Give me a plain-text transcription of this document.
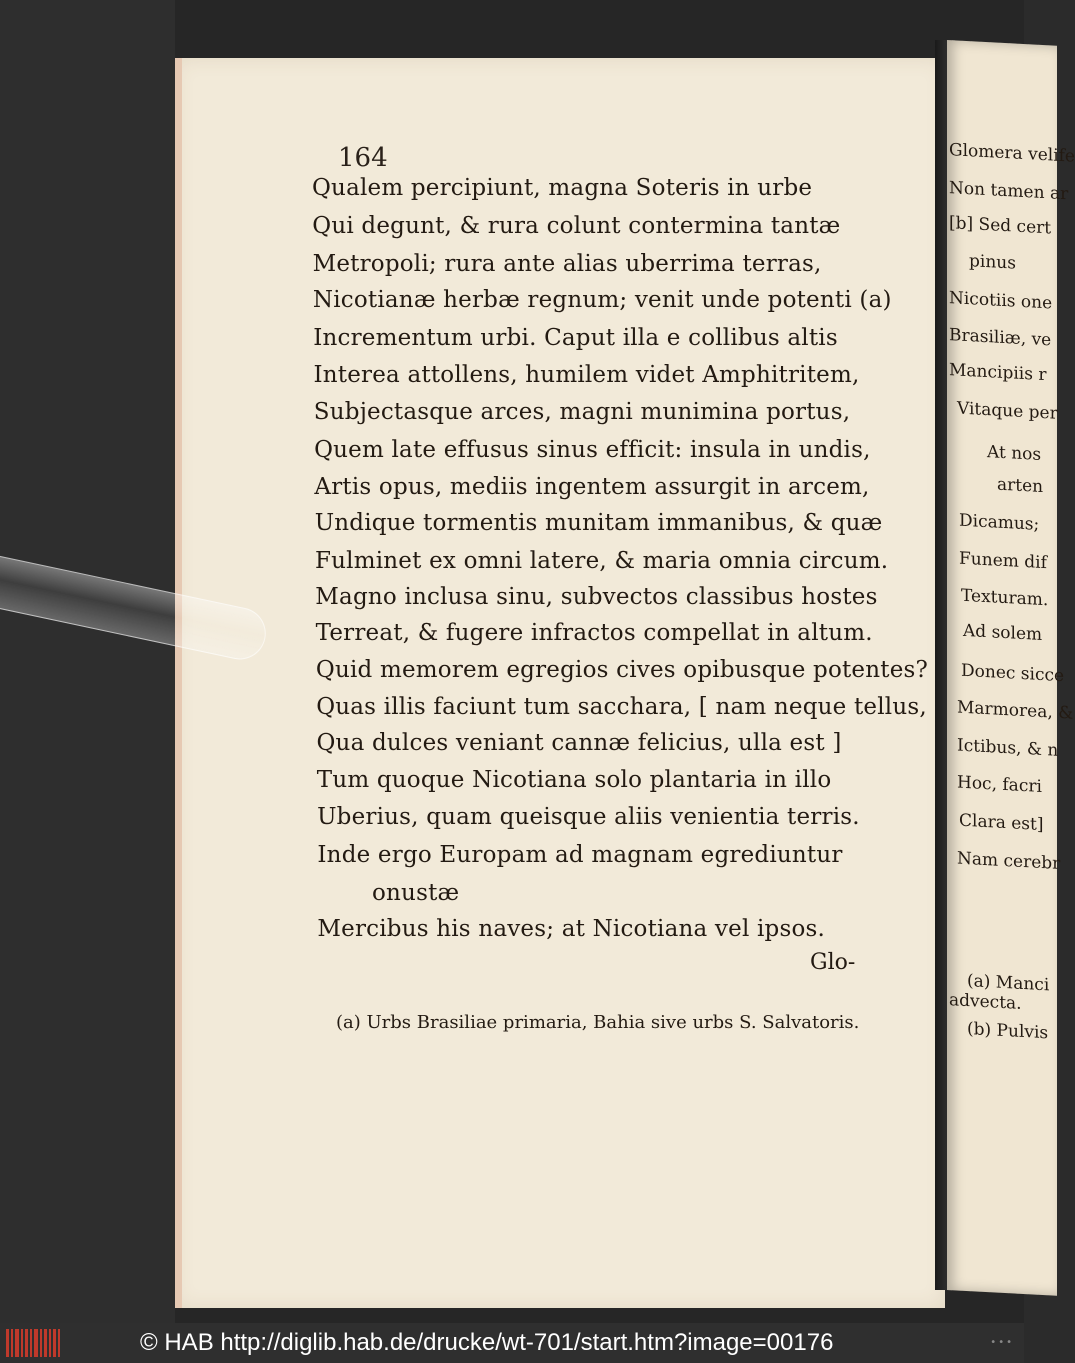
164

Qualem percipiunt, magna Soteris in urbe

Qui degunt, & rura colunt contermina tantæ

Metropoli; rura ante alias uberrima terras,

Nicotianæ herbæ regnum; venit unde potenti (a)

Incrementum urbi. Caput illa e collibus altis

Interea attollens, humilem videt Amphitritem,

Subjectasque arces, magni munimina portus,

Quem late effusus sinus efficit: insula in undis,

Artis opus, mediis ingentem assurgit in arcem,

Undique tormentis munitam immanibus, & quæ

Fulminet ex omni latere, & maria omnia circum.

Magno inclusa sinu, subvectos classibus hostes

Terreat, & fugere infractos compellat in altum.

Quid memorem egregios cives opibusque potentes?

Quas illis faciunt tum sacchara, [ nam neque tellus,

Qua dulces veniant cannæ felicius, ulla est ]

Tum quoque Nicotiana solo plantaria in illo

Uberius, quam queisque aliis venientia terris.

Inde ergo Europam ad magnam egrediuntur

onustæ

Mercibus his naves; at Nicotiana vel ipsos.

Glo-

(a) Urbs Brasiliae primaria, Bahia sive urbs S. Salvatoris.

Glomera velife

Non tamen ar

[b] Sed cert

pinus

Nicotiis one

Brasiliæ, ve

Mancipiis r

Vitaque per

At nos

arten

Dicamus;

Funem dif

Texturam.

Ad solem

Donec sicce

Marmorea, &

Ictibus, & n

Hoc, facri

Clara est]

Nam cerebr

(a) Manci

advecta.

(b) Pulvis

© HAB http://diglib.hab.de/drucke/wt-701/start.htm?image=00176	•••
